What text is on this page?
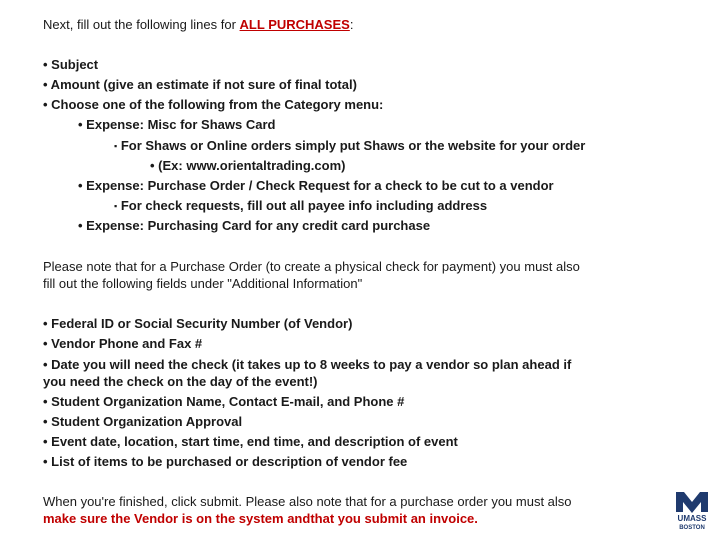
Next, fill out the following lines for ALL PURCHASES:
• Subject
• Amount (give an estimate if not sure of final total)
• Choose one of the following from the Category menu:
• Expense: Misc for Shaws Card
▪ For Shaws or Online orders simply put Shaws or the website for your order
• (Ex: www.orientaltrading.com)
• Expense: Purchase Order / Check Request for a check to be cut to a vendor
▪ For check requests, fill out all payee info including address
• Expense: Purchasing Card for any credit card purchase
Please note that for a Purchase Order (to create a physical check for payment) you must also
fill out the following fields under "Additional Information"
• Federal ID or Social Security Number (of Vendor)
• Vendor Phone and Fax #
• Date you will need the check (it takes up to 8 weeks to pay a vendor so plan ahead if
you need the check on the day of the event!)
• Student Organization Name, Contact E-mail, and Phone #
• Student Organization Approval
• Event date, location, start time, end time, and description of event
• List of items to be purchased or description of vendor fee
When you're finished, click submit. Please also note that for a purchase order you must also
make sure the Vendor is on the system andthat you submit an invoice.	UMASS
BOSTON
